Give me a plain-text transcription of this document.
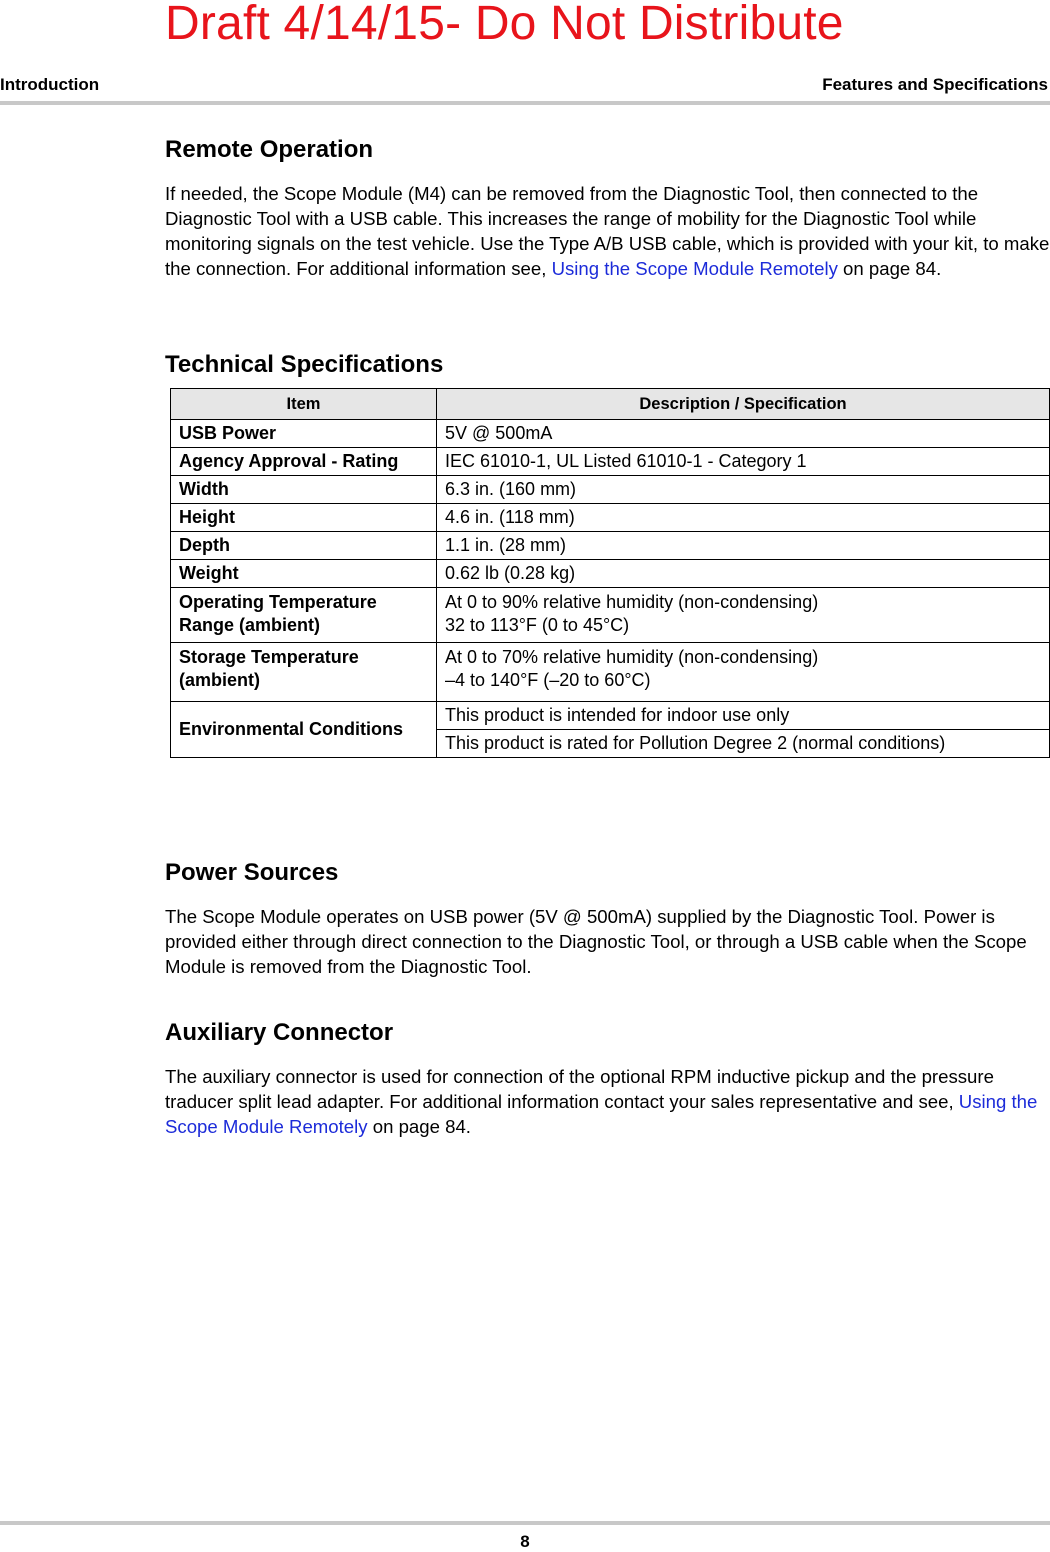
Draft 4/14/15- Do Not Distribute
Introduction	Features and Specifications
Remote Operation

If needed, the Scope Module (M4) can be removed from the Diagnostic Tool, then connected to the Diagnostic Tool with a USB cable. This increases the range of mobility for the Diagnostic Tool while monitoring signals on the test vehicle. Use the Type A/B USB cable, which is provided with your kit, to make the connection. For additional information see, Using the Scope Module Remotely on page 84.

Technical Specifications
Item	Description / Specification
USB Power	5V @ 500mA
Agency Approval - Rating	IEC 61010-1, UL Listed 61010-1 - Category 1
Width	6.3 in. (160 mm)
Height	4.6 in. (118 mm)
Depth	1.1 in. (28 mm)
Weight	0.62 lb (0.28 kg)
Operating Temperature Range (ambient)	At 0 to 90% relative humidity (non-condensing)
32 to 113°F (0 to 45°C)

Storage Temperature (ambient)	At 0 to 70% relative humidity (non-condensing)
–4 to 140°F (–20 to 60°C)

Environmental Conditions	This product is intended for indoor use only
	This product is rated for Pollution Degree 2 (normal conditions)
Power Sources

The Scope Module operates on USB power (5V @ 500mA) supplied by the Diagnostic Tool. Power is provided either through direct connection to the Diagnostic Tool, or through a USB cable when the Scope Module is removed from the Diagnostic Tool.

Auxiliary Connector

The auxiliary connector is used for connection of the optional RPM inductive pickup and the pressure traducer split lead adapter. For additional information contact your sales representative and see, Using the Scope Module Remotely on page 84.

8
